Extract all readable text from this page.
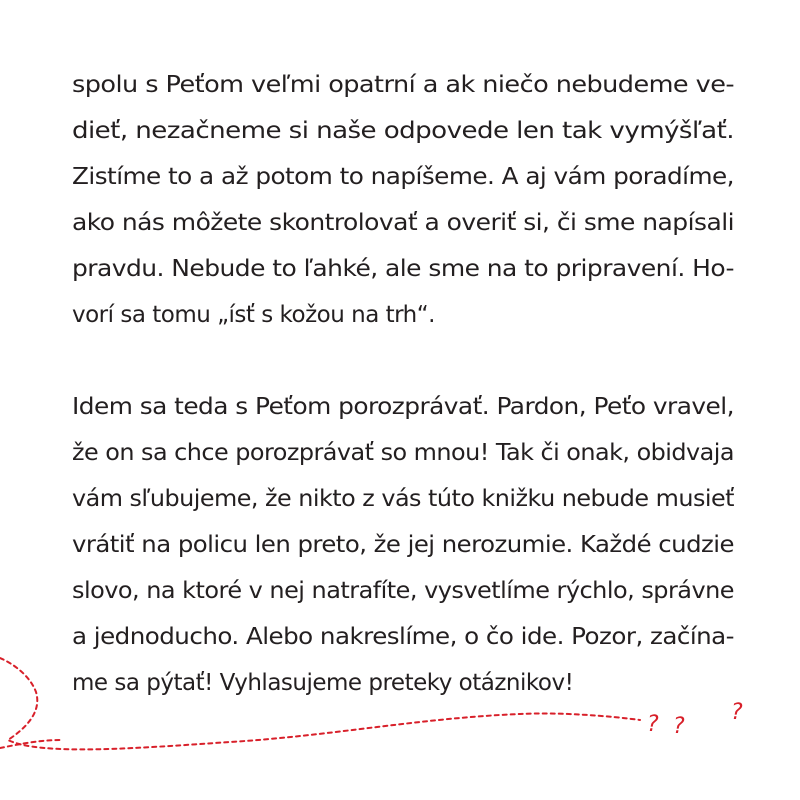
spolu s Peťom veľmi opatrní a ak niečo nebudeme ve-
dieť, nezačneme si naše odpovede len tak vymýšľať.
Zistíme to a až potom to napíšeme. A aj vám poradíme,
ako nás môžete skontrolovať a overiť si, či sme napísali
pravdu. Nebude to ľahké, ale sme na to pripravení. Ho-
vorí sa tomu „ísť s kožou na trh“.
Idem sa teda s Peťom porozprávať. Pardon, Peťo vravel,
že on sa chce porozprávať so mnou! Tak či onak, obidvaja
vám sľubujeme, že nikto z vás túto knižku nebude musieť
vrátiť na policu len preto, že jej nerozumie. Každé cudzie
slovo, na ktoré v nej natrafíte, vysvetlíme rýchlo, správne
a jednoducho. Alebo nakreslíme, o čo ide. Pozor, začína-
me sa pýtať! Vyhlasujeme preteky otáznikov!
? ?
?
